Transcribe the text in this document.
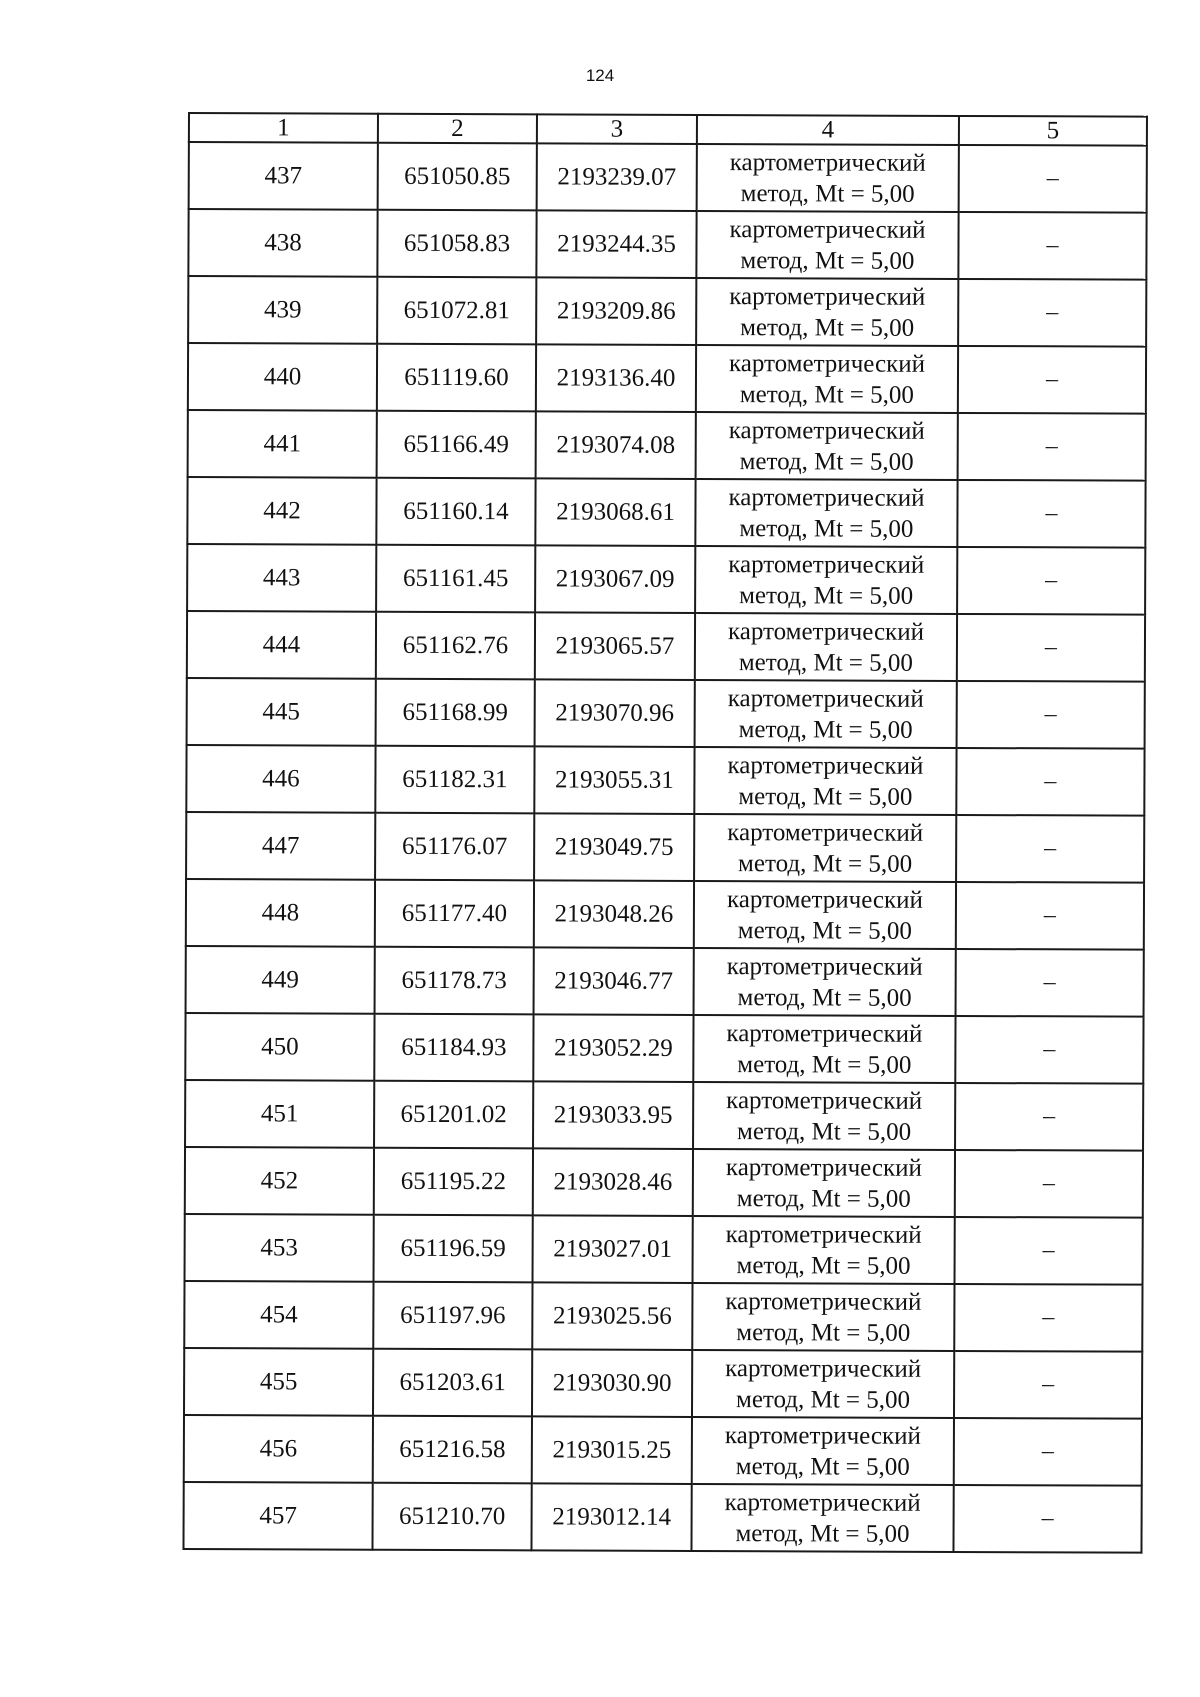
124
1	2	3	4	5
437	651050.85	2193239.07	картометрический
метод, Mt = 5,00	–
438	651058.83	2193244.35	картометрический
метод, Mt = 5,00	–
439	651072.81	2193209.86	картометрический
метод, Mt = 5,00	–
440	651119.60	2193136.40	картометрический
метод, Mt = 5,00	–
441	651166.49	2193074.08	картометрический
метод, Mt = 5,00	–
442	651160.14	2193068.61	картометрический
метод, Mt = 5,00	–
443	651161.45	2193067.09	картометрический
метод, Mt = 5,00	–
444	651162.76	2193065.57	картометрический
метод, Mt = 5,00	–
445	651168.99	2193070.96	картометрический
метод, Mt = 5,00	–
446	651182.31	2193055.31	картометрический
метод, Mt = 5,00	–
447	651176.07	2193049.75	картометрический
метод, Mt = 5,00	–
448	651177.40	2193048.26	картометрический
метод, Mt = 5,00	–
449	651178.73	2193046.77	картометрический
метод, Mt = 5,00	–
450	651184.93	2193052.29	картометрический
метод, Mt = 5,00	–
451	651201.02	2193033.95	картометрический
метод, Mt = 5,00	–
452	651195.22	2193028.46	картометрический
метод, Mt = 5,00	–
453	651196.59	2193027.01	картометрический
метод, Mt = 5,00	–
454	651197.96	2193025.56	картометрический
метод, Mt = 5,00	–
455	651203.61	2193030.90	картометрический
метод, Mt = 5,00	–
456	651216.58	2193015.25	картометрический
метод, Mt = 5,00	–
457	651210.70	2193012.14	картометрический
метод, Mt = 5,00	–
